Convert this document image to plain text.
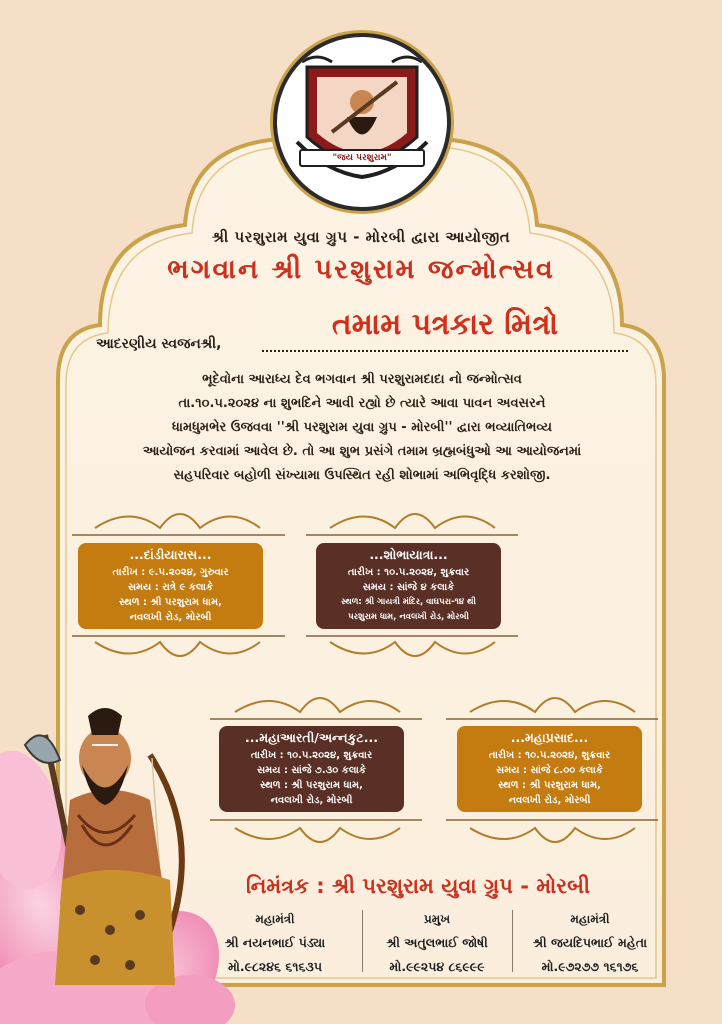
"જય પરશુરામ"
શ્રી પરશુરામ યુવા ગ્રુપ - મોરબી દ્વારા આયોજીત
ભગવાન શ્રી પરશુરામ જન્મોત્સવ
આદરણીય સ્વજનશ્રી,
તમામ પત્રકાર મિત્રો
ભૂદેવોના આરાધ્ય દેવ ભગવાન શ્રી પરશુરામદાદા નો જન્મોત્સવ
તા.૧૦.૫.૨૦૨૪ ના શુભદિને આવી રહ્યો છે ત્યારે આવા પાવન અવસરને
ધામધુમભેર ઉજવવા ''શ્રી પરશુરામ યુવા ગ્રુપ - મોરબી'' દ્વારા ભવ્યાતિભવ્ય
આયોજન કરવામાં આવેલ છે. તો આ શુભ પ્રસંગે તમામ બ્રહ્મબંધુઓ આ આયોજનમાં
સહપરિવાર બહોળી સંખ્યામા ઉપસ્થિત રહી શોભામાં અભિવૃદ્ધિ કરશોજી.
...દાંડીયારાસ...
તારીખ : ૯.૫.૨૦૨૪, ગુરુવાર
સમય : રાત્રે ૯ કલાકે
સ્થળ : શ્રી પરશુરામ ધામ,
નવલખી રોડ, મોરબી
...શોભાયાત્રા...
તારીખ : ૧૦.૫.૨૦૨૪, શુક્રવાર
સમય : સાંજે ૪ કલાકે
સ્થળ: શ્રી ગાયત્રી મંદિર, વાઘપરા-૧૪ થી
પરશુરામ ધામ, નવલખી રોડ, મોરબી
...મહાઆરતી/અન્નકુટ...
તારીખ : ૧૦.૫.૨૦૨૪, શુક્રવાર
સમય : સાંજે ૭.૩૦ કલાકે
સ્થળ : શ્રી પરશુરામ ધામ,
નવલખી રોડ, મોરબી
...મહાપ્રસાદ...
તારીખ : ૧૦.૫.૨૦૨૪, શુક્રવાર
સમય : સાંજે ૮.૦૦ કલાકે
સ્થળ : શ્રી પરશુરામ ધામ,
નવલખી રોડ, મોરબી
નિમંત્રક : શ્રી પરશુરામ યુવા ગ્રુપ - મોરબી
મહામંત્રી
શ્રી નયનભાઈ પંડ્યા
મો.૯૮૨૪૬ ૬૧૬૩૫
પ્રમુખ
શ્રી અતુલભાઈ જોષી
મો.૯૯૨૫૪ ૮૬૯૯૯
મહામંત્રી
શ્રી જયદિપભાઈ મહેતા
મો.૯૭૨૭૭ ૧૬૧૭૬
